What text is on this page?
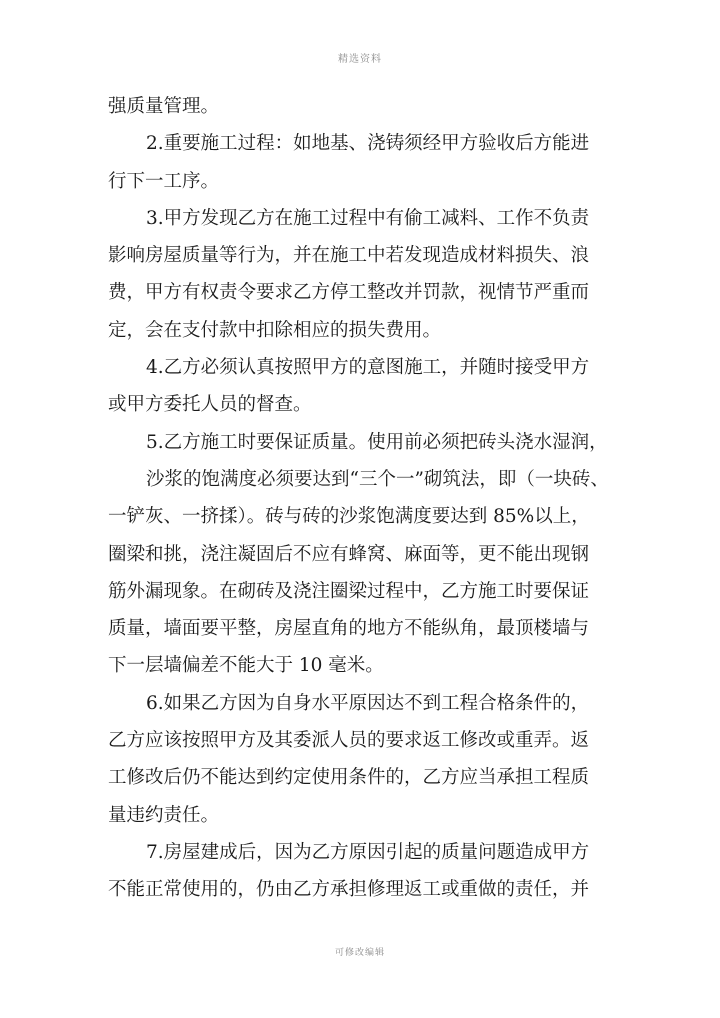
精选资料
强质量管理。
2.重要施工过程：如地基、浇铸须经甲方验收后方能进
行下一工序。
3.甲方发现乙方在施工过程中有偷工减料、工作不负责
影响房屋质量等行为，并在施工中若发现造成材料损失、浪
费，甲方有权责令要求乙方停工整改并罚款，视情节严重而
定，会在支付款中扣除相应的损失费用。
4.乙方必须认真按照甲方的意图施工，并随时接受甲方
或甲方委托人员的督查。
5.乙方施工时要保证质量。使用前必须把砖头浇水湿润，
沙浆的饱满度必须要达到“三个一”砌筑法，即（一块砖、
一铲灰、一挤揉）。砖与砖的沙浆饱满度要达到 85%以上，
圈梁和挑，浇注凝固后不应有蜂窝、麻面等，更不能出现钢
筋外漏现象。在砌砖及浇注圈梁过程中，乙方施工时要保证
质量，墙面要平整，房屋直角的地方不能纵角，最顶楼墙与
下一层墙偏差不能大于 10 毫米。
6.如果乙方因为自身水平原因达不到工程合格条件的，
乙方应该按照甲方及其委派人员的要求返工修改或重弄。返
工修改后仍不能达到约定使用条件的，乙方应当承担工程质
量违约责任。
7.房屋建成后，因为乙方原因引起的质量问题造成甲方
不能正常使用的，仍由乙方承担修理返工或重做的责任，并
可修改编辑
